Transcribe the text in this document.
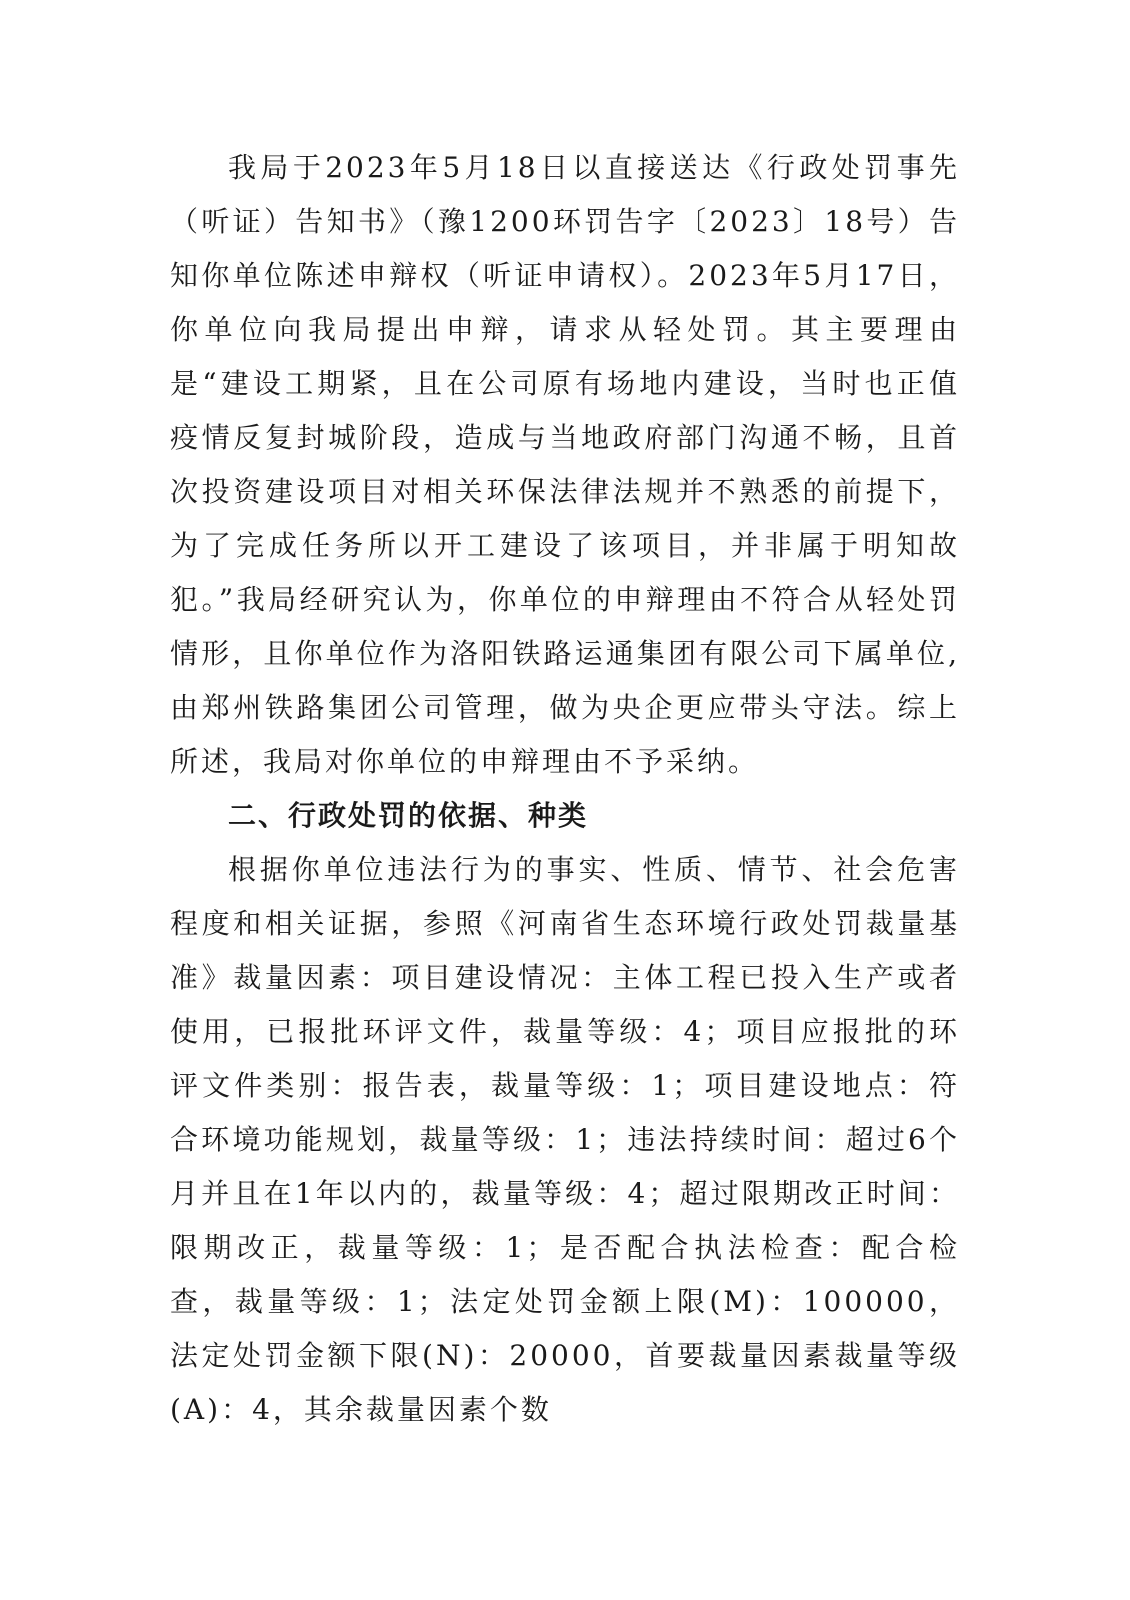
我局于2023年5月18日以直接送达《行政处罚事先（听证）告知书》（豫1200环罚告字〔2023〕18号）告知你单位陈述申辩权（听证申请权）。2023年5月17日，你单位向我局提出申辩，请求从轻处罚。其主要理由是“建设工期紧，且在公司原有场地内建设，当时也正值疫情反复封城阶段，造成与当地政府部门沟通不畅，且首次投资建设项目对相关环保法律法规并不熟悉的前提下，为了完成任务所以开工建设了该项目，并非属于明知故犯。”我局经研究认为，你单位的申辩理由不符合从轻处罚情形，且你单位作为洛阳铁路运通集团有限公司下属单位,由郑州铁路集团公司管理，做为央企更应带头守法。综上所述，我局对你单位的申辩理由不予采纳。

二、行政处罚的依据、种类

根据你单位违法行为的事实、性质、情节、社会危害程度和相关证据，参照《河南省生态环境行政处罚裁量基准》裁量因素：项目建设情况：主体工程已投入生产或者使用，已报批环评文件，裁量等级：4；项目应报批的环评文件类别：报告表，裁量等级：1；项目建设地点：符合环境功能规划，裁量等级：1；违法持续时间：超过6个月并且在1年以内的，裁量等级：4；超过限期改正时间：限期改正，裁量等级：1；是否配合执法检查：配合检查，裁量等级：1；法定处罚金额上限(M)：100000，法定处罚金额下限(N)：20000，首要裁量因素裁量等级(A)：4，其余裁量因素个数
